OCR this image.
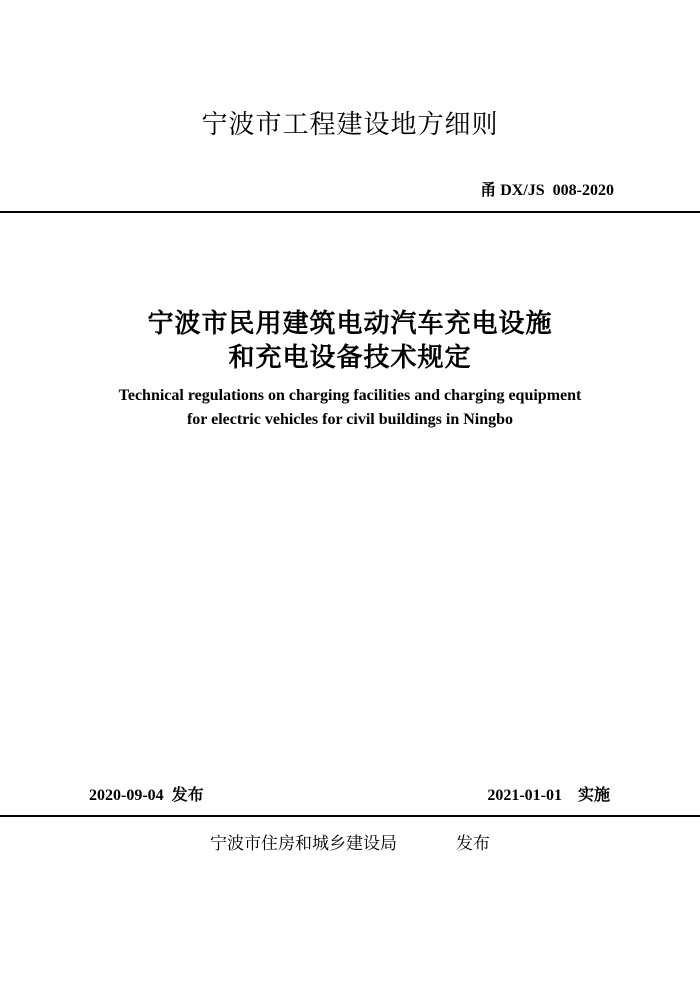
宁波市工程建设地方细则
甬 DX/JS  008-2020
宁波市民用建筑电动汽车充电设施
和充电设备技术规定
Technical regulations on charging facilities and charging equipment
for electric vehicles for civil buildings in Ningbo
2020-09-04  发布	2021-01-01    实施
宁波市住房和城乡建设局	发布
